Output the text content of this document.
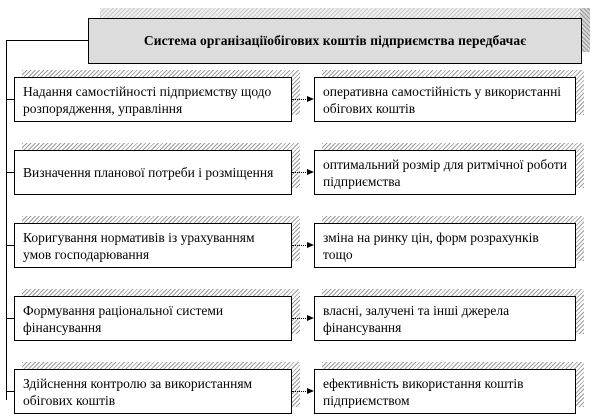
Система організаціїобігових коштів підприємства передбачає
Надання самостійності підприємству щодо розпорядження, управління
оперативна самостійність у використанні обігових коштів
Визначення планової потреби і розміщення
оптимальний розмір для ритмічної роботи підприємства
Коригування нормативів із урахуванням умов господарювання
зміна на ринку цін, форм розрахунків тощо
Формування раціональної системи фінансування
власні, залучені та інші джерела фінансування
Здійснення контролю за використанням обігових коштів
ефективність використання коштів підприємством
